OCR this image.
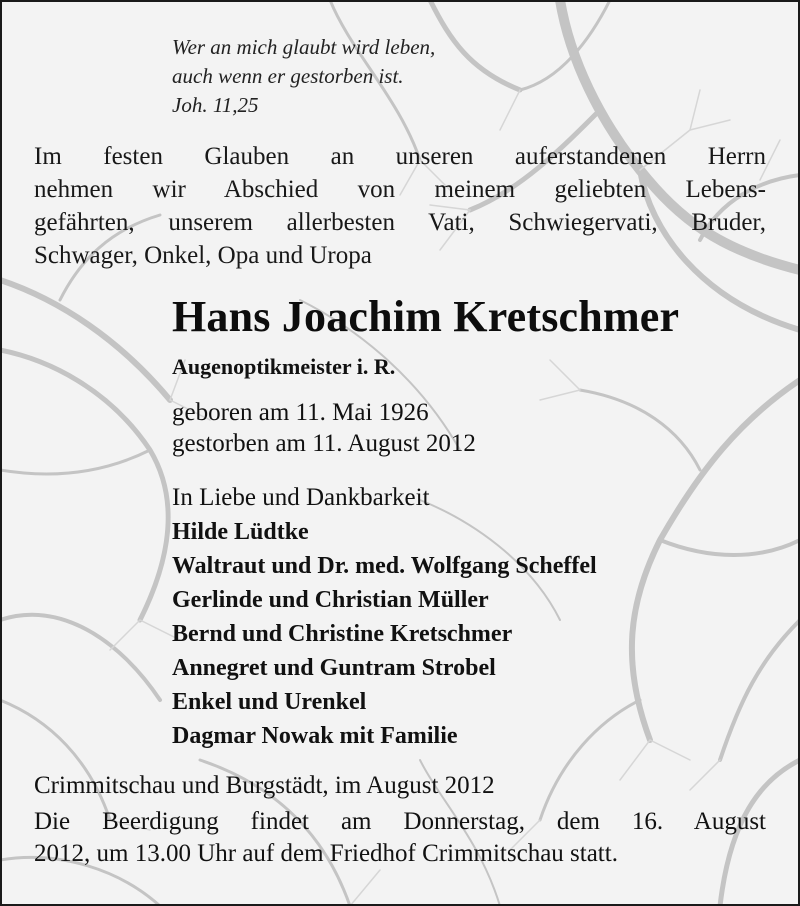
Wer an mich glaubt wird leben,
auch wenn er gestorben ist.
Joh. 11,25
Im festen Glauben an unseren auferstandenen Herrn
nehmen wir Abschied von meinem geliebten Lebens-
gefährten, unserem allerbesten Vati, Schwiegervati, Bruder,
Schwager, Onkel, Opa und Uropa
Hans Joachim Kretschmer
Augenoptikmeister i. R.
geboren am 11. Mai 1926
gestorben am 11. August 2012
In Liebe und Dankbarkeit
Hilde Lüdtke
Waltraut und Dr. med. Wolfgang Scheffel
Gerlinde und Christian Müller
Bernd und Christine Kretschmer
Annegret und Guntram Strobel
Enkel und Urenkel
Dagmar Nowak mit Familie
Crimmitschau und Burgstädt, im August 2012
Die Beerdigung findet am Donnerstag, dem 16. August
2012, um 13.00 Uhr auf dem Friedhof Crimmitschau statt.
